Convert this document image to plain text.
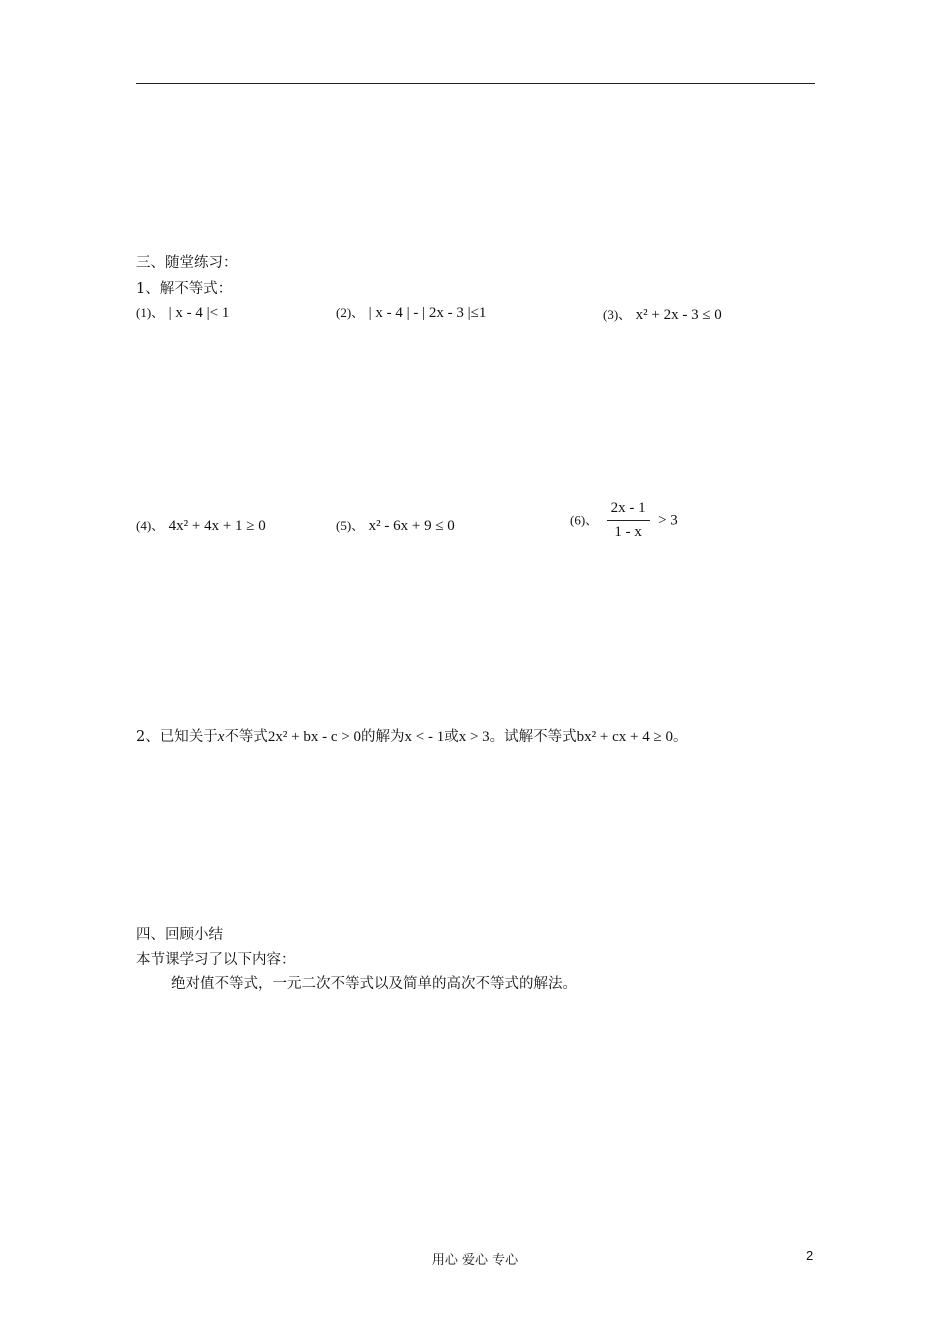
三、随堂练习：
1、解不等式：
(1)、 | x - 4 |< 1	(2)、 | x - 4 | - | 2x - 3 |≤1	(3)、 x² + 2x - 3 ≤ 0
(4)、 4x² + 4x + 1 ≥ 0	(5)、 x² - 6x + 9 ≤ 0	(6)、 $\frac{2x - 1}{1 - x} > 3$
2、已知关于x不等式2x² + bx - c > 0的解为x < - 1或x > 3。试解不等式bx² + cx + 4 ≥ 0。
四、回顾小结
本节课学习了以下内容：
绝对值不等式，一元二次不等式以及简单的高次不等式的解法。
用心 爱心 专心	2
